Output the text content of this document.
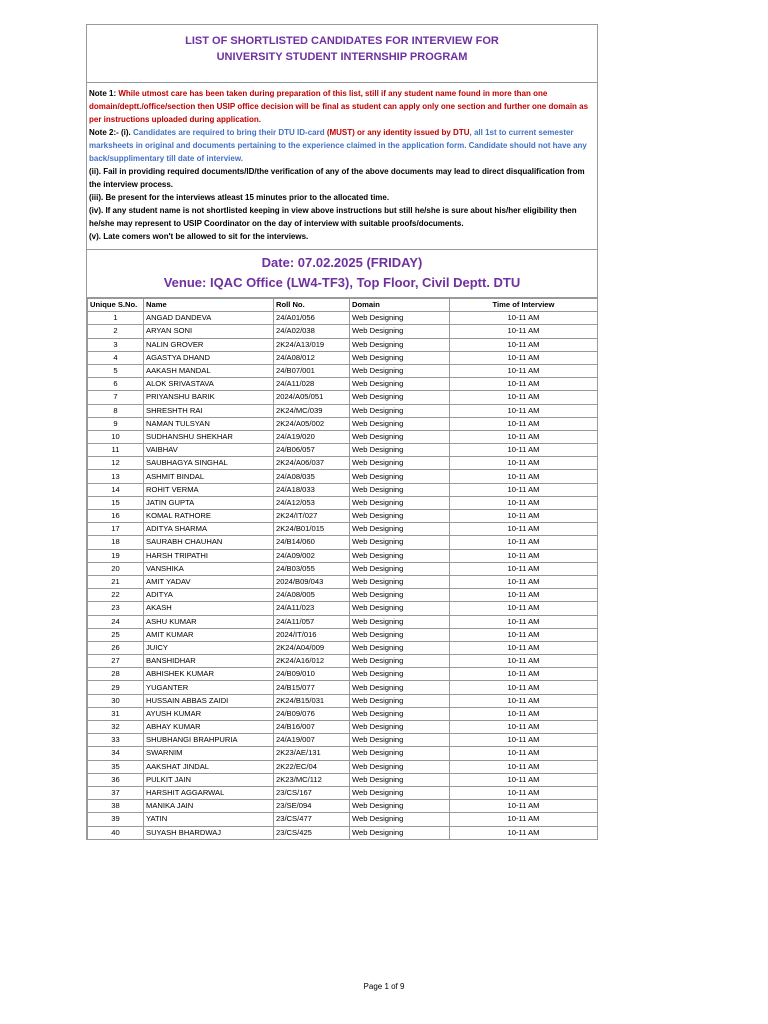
LIST OF SHORTLISTED CANDIDATES FOR INTERVIEW FOR
UNIVERSITY STUDENT INTERNSHIP PROGRAM

Note 1: While utmost care has been taken during preparation of this list, still if any student name found in more than one domain/deptt./office/section then USIP office decision will be final as student can apply only one section and further one domain as per instructions uploaded during application.

Note 2:- (i). Candidates are required to bring their DTU ID-card (MUST) or any identity issued by DTU, all 1st to current semester marksheets in original and documents pertaining to the experience claimed in the application form. Candidate should not have any back/supplimentary till date of interview.

(ii). Fail in providing required documents/ID/the verification of any of the above documents may lead to direct disqualification from the interview process.

(iii). Be present for the interviews atleast 15 minutes prior to the allocated time.

(iv). If any student name is not shortlisted keeping in view above instructions but still he/she is sure about his/her eligibility then he/she may represent to USIP Coordinator on the day of interview with suitable proofs/documents.

(v). Late comers won't be allowed to sit for the interviews.

Date: 07.02.2025 (FRIDAY)
Venue: IQAC Office (LW4-TF3), Top Floor, Civil Deptt. DTU
Unique S.No.	Name	Roll No.	Domain	Time of Interview
1	ANGAD DANDEVA	24/A01/056	Web Designing	10-11 AM
2	ARYAN SONI	24/A02/038	Web Designing	10-11 AM
3	NALIN GROVER	2K24/A13/019	Web Designing	10-11 AM
4	AGASTYA DHAND	24/A08/012	Web Designing	10-11 AM
5	AAKASH MANDAL	24/B07/001	Web Designing	10-11 AM
6	ALOK SRIVASTAVA	24/A11/028	Web Designing	10-11 AM
7	PRIYANSHU BARIK	2024/A05/051	Web Designing	10-11 AM
8	SHRESHTH RAI	2K24/MC/039	Web Designing	10-11 AM
9	NAMAN TULSYAN	2K24/A05/002	Web Designing	10-11 AM
10	SUDHANSHU SHEKHAR	24/A19/020	Web Designing	10-11 AM
11	VAIBHAV	24/B06/057	Web Designing	10-11 AM
12	SAUBHAGYA SINGHAL	2K24/A06/037	Web Designing	10-11 AM
13	ASHMIT BINDAL	24/A08/035	Web Designing	10-11 AM
14	ROHIT VERMA	24/A18/033	Web Designing	10-11 AM
15	JATIN GUPTA	24/A12/053	Web Designing	10-11 AM
16	KOMAL RATHORE	2K24/IT/027	Web Designing	10-11 AM
17	ADITYA SHARMA	2K24/B01/015	Web Designing	10-11 AM
18	SAURABH CHAUHAN	24/B14/060	Web Designing	10-11 AM
19	HARSH TRIPATHI	24/A09/002	Web Designing	10-11 AM
20	VANSHIKA	24/B03/055	Web Designing	10-11 AM
21	AMIT YADAV	2024/B09/043	Web Designing	10-11 AM
22	ADITYA	24/A08/005	Web Designing	10-11 AM
23	AKASH	24/A11/023	Web Designing	10-11 AM
24	ASHU KUMAR	24/A11/057	Web Designing	10-11 AM
25	AMIT KUMAR	2024/IT/016	Web Designing	10-11 AM
26	JUICY	2K24/A04/009	Web Designing	10-11 AM
27	BANSHIDHAR	2K24/A16/012	Web Designing	10-11 AM
28	ABHISHEK KUMAR	24/B09/010	Web Designing	10-11 AM
29	YUGANTER	24/B15/077	Web Designing	10-11 AM
30	HUSSAIN ABBAS ZAIDI	2K24/B15/031	Web Designing	10-11 AM
31	AYUSH KUMAR	24/B09/076	Web Designing	10-11 AM
32	ABHAY KUMAR	24/B16/007	Web Designing	10-11 AM
33	SHUBHANGI BRAHPURIA	24/A19/007	Web Designing	10-11 AM
34	SWARNIM	2K23/AE/131	Web Designing	10-11 AM
35	AAKSHAT JINDAL	2K22/EC/04	Web Designing	10-11 AM
36	PULKIT JAIN	2K23/MC/112	Web Designing	10-11 AM
37	HARSHIT AGGARWAL	23/CS/167	Web Designing	10-11 AM
38	MANIKA JAIN	23/SE/094	Web Designing	10-11 AM
39	YATIN	23/CS/477	Web Designing	10-11 AM
40	SUYASH BHARDWAJ	23/CS/425	Web Designing	10-11 AM
Page 1 of 9
